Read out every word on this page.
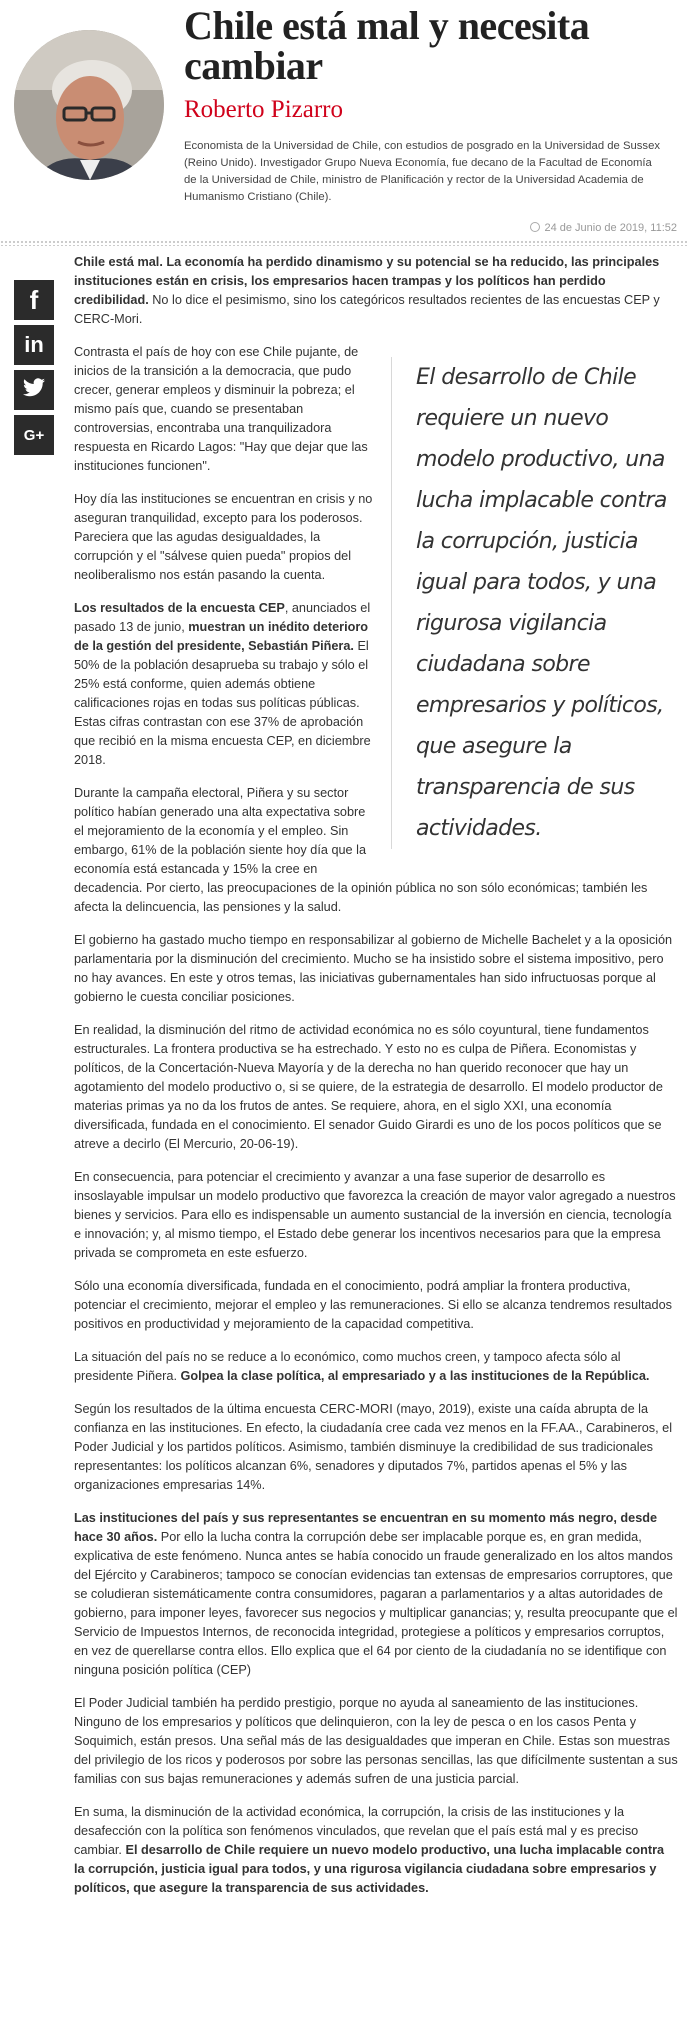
Chile está mal y necesita cambiar
Roberto Pizarro

Economista de la Universidad de Chile, con estudios de posgrado en la Universidad de Sussex (Reino Unido). Investigador Grupo Nueva Economía, fue decano de la Facultad de Economía de la Universidad de Chile, ministro de Planificación y rector de la Universidad Academia de Humanismo Cristiano (Chile).

24 de Junio de 2019, 11:52
f
in
G+

Chile está mal. La economía ha perdido dinamismo y su potencial se ha reducido, las principales instituciones están en crisis, los empresarios hacen trampas y los políticos han perdido credibilidad. No lo dice el pesimismo, sino los categóricos resultados recientes de las encuestas CEP y CERC-Mori.

El desarrollo de Chile requiere un nuevo modelo productivo, una lucha implacable contra la corrupción, justicia igual para todos, y una rigurosa vigilancia ciudadana sobre empresarios y políticos, que asegure la transparencia de sus actividades.

Contrasta el país de hoy con ese Chile pujante, de inicios de la transición a la democracia, que pudo crecer, generar empleos y disminuir la pobreza; el mismo país que, cuando se presentaban controversias, encontraba una tranquilizadora respuesta en Ricardo Lagos: "Hay que dejar que las instituciones funcionen".

Hoy día las instituciones se encuentran en crisis y no aseguran tranquilidad, excepto para los poderosos. Pareciera que las agudas desigualdades, la corrupción y el "sálvese quien pueda" propios del neoliberalismo nos están pasando la cuenta.

Los resultados de la encuesta CEP, anunciados el pasado 13 de junio, muestran un inédito deterioro de la gestión del presidente, Sebastián Piñera. El 50% de la población desaprueba su trabajo y sólo el 25% está conforme, quien además obtiene calificaciones rojas en todas sus políticas públicas. Estas cifras contrastan con ese 37% de aprobación que recibió en la misma encuesta CEP, en diciembre 2018.

Durante la campaña electoral, Piñera y su sector político habían generado una alta expectativa sobre el mejoramiento de la economía y el empleo. Sin embargo, 61% de la población siente hoy día que la economía está estancada y 15% la cree en decadencia. Por cierto, las preocupaciones de la opinión pública no son sólo económicas; también les afecta la delincuencia, las pensiones y la salud.

El gobierno ha gastado mucho tiempo en responsabilizar al gobierno de Michelle Bachelet y a la oposición parlamentaria por la disminución del crecimiento. Mucho se ha insistido sobre el sistema impositivo, pero no hay avances. En este y otros temas, las iniciativas gubernamentales han sido infructuosas porque al gobierno le cuesta conciliar posiciones.

En realidad, la disminución del ritmo de actividad económica no es sólo coyuntural, tiene fundamentos estructurales. La frontera productiva se ha estrechado. Y esto no es culpa de Piñera. Economistas y políticos, de la Concertación-Nueva Mayoría y de la derecha no han querido reconocer que hay un agotamiento del modelo productivo o, si se quiere, de la estrategia de desarrollo. El modelo productor de materias primas ya no da los frutos de antes. Se requiere, ahora, en el siglo XXI, una economía diversificada, fundada en el conocimiento. El senador Guido Girardi es uno de los pocos políticos que se atreve a decirlo (El Mercurio, 20-06-19).

En consecuencia, para potenciar el crecimiento y avanzar a una fase superior de desarrollo es insoslayable impulsar un modelo productivo que favorezca la creación de mayor valor agregado a nuestros bienes y servicios. Para ello es indispensable un aumento sustancial de la inversión en ciencia, tecnología e innovación; y, al mismo tiempo, el Estado debe generar los incentivos necesarios para que la empresa privada se comprometa en este esfuerzo.

Sólo una economía diversificada, fundada en el conocimiento, podrá ampliar la frontera productiva, potenciar el crecimiento, mejorar el empleo y las remuneraciones. Si ello se alcanza tendremos resultados positivos en productividad y mejoramiento de la capacidad competitiva.

La situación del país no se reduce a lo económico, como muchos creen, y tampoco afecta sólo al presidente Piñera. Golpea la clase política, al empresariado y a las instituciones de la República.

Según los resultados de la última encuesta CERC-MORI (mayo, 2019), existe una caída abrupta de la confianza en las instituciones. En efecto, la ciudadanía cree cada vez menos en la FF.AA., Carabineros, el Poder Judicial y los partidos políticos. Asimismo, también disminuye la credibilidad de sus tradicionales representantes: los políticos alcanzan 6%, senadores y diputados 7%, partidos apenas el 5% y las organizaciones empresarias 14%.

Las instituciones del país y sus representantes se encuentran en su momento más negro, desde hace 30 años. Por ello la lucha contra la corrupción debe ser implacable porque es, en gran medida, explicativa de este fenómeno. Nunca antes se había conocido un fraude generalizado en los altos mandos del Ejército y Carabineros; tampoco se conocían evidencias tan extensas de empresarios corruptores, que se coludieran sistemáticamente contra consumidores, pagaran a parlamentarios y a altas autoridades de gobierno, para imponer leyes, favorecer sus negocios y multiplicar ganancias; y, resulta preocupante que el Servicio de Impuestos Internos, de reconocida integridad, protegiese a políticos y empresarios corruptos, en vez de querellarse contra ellos. Ello explica que el 64 por ciento de la ciudadanía no se identifique con ninguna posición política (CEP)

El Poder Judicial también ha perdido prestigio, porque no ayuda al saneamiento de las instituciones. Ninguno de los empresarios y políticos que delinquieron, con la ley de pesca o en los casos Penta y Soquimich, están presos. Una señal más de las desigualdades que imperan en Chile. Estas son muestras del privilegio de los ricos y poderosos por sobre las personas sencillas, las que difícilmente sustentan a sus familias con sus bajas remuneraciones y además sufren de una justicia parcial.

En suma, la disminución de la actividad económica, la corrupción, la crisis de las instituciones y la desafección con la política son fenómenos vinculados, que revelan que el país está mal y es preciso cambiar. El desarrollo de Chile requiere un nuevo modelo productivo, una lucha implacable contra la corrupción, justicia igual para todos, y una rigurosa vigilancia ciudadana sobre empresarios y políticos, que asegure la transparencia de sus actividades.
